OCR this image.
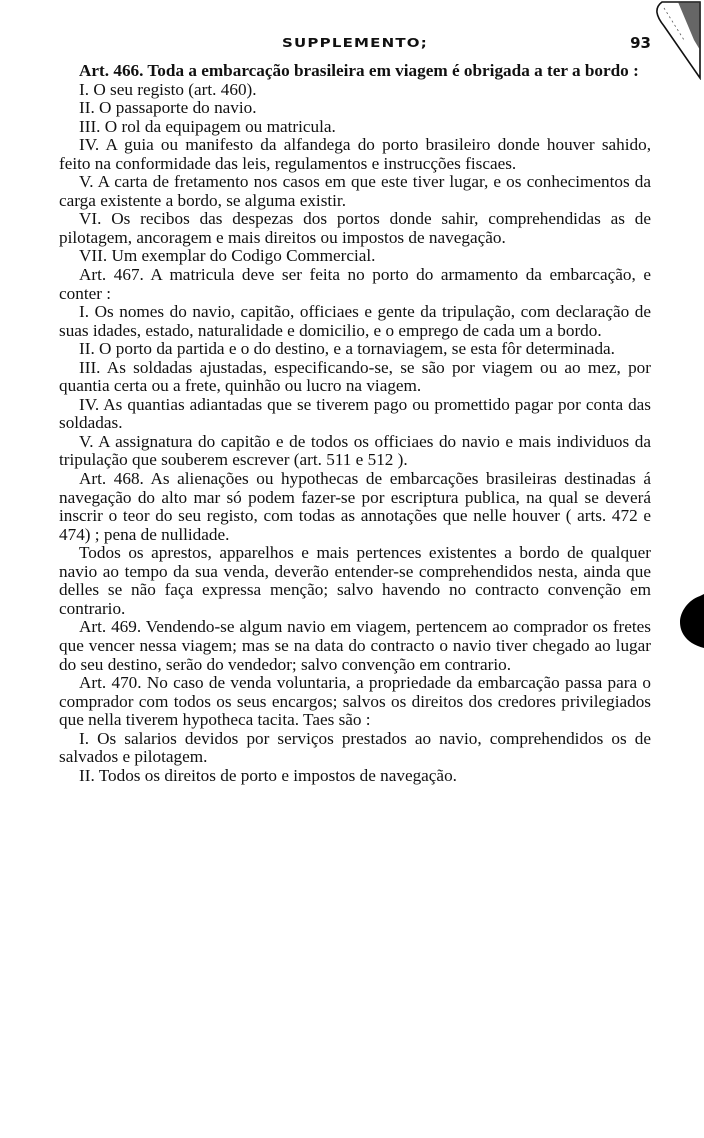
SUPPLEMENTO;	93

Art. 466. Toda a embarcação brasileira em viagem é obrigada a ter a bordo :

I. O seu registo (art. 460).

II. O passaporte do navio.

III. O rol da equipagem ou matricula.

IV. A guia ou manifesto da alfandega do porto brasileiro donde houver sahido, feito na conformidade das leis, regulamentos e instrucções fiscaes.

V. A carta de fretamento nos casos em que este tiver lugar, e os conhecimentos da carga existente a bordo, se alguma existir.

VI. Os recibos das despezas dos portos donde sahir, comprehendidas as de pilotagem, ancoragem e mais direitos ou impostos de navegação.

VII. Um exemplar do Codigo Commercial.

Art. 467. A matricula deve ser feita no porto do armamento da embarcação, e conter :

I. Os nomes do navio, capitão, officiaes e gente da tripulação, com declaração de suas idades, estado, naturalidade e domicilio, e o emprego de cada um a bordo.

II. O porto da partida e o do destino, e a tornaviagem, se esta fôr determinada.

III. As soldadas ajustadas, especificando-se, se são por viagem ou ao mez, por quantia certa ou a frete, quinhão ou lucro na viagem.

IV. As quantias adiantadas que se tiverem pago ou promettido pagar por conta das soldadas.

V. A assignatura do capitão e de todos os officiaes do navio e mais individuos da tripulação que souberem escrever (art. 511 e 512 ).

Art. 468. As alienações ou hypothecas de embarcações brasileiras destinadas á navegação do alto mar só podem fazer-se por escriptura publica, na qual se deverá inscrir o teor do seu registo, com todas as annotações que nelle houver ( arts. 472 e 474) ; pena de nullidade.

Todos os aprestos, apparelhos e mais pertences existentes a bordo de qualquer navio ao tempo da sua venda, deverão entender-se comprehendidos nesta, ainda que delles se não faça expressa menção; salvo havendo no contracto convenção em contrario.

Art. 469. Vendendo-se algum navio em viagem, pertencem ao comprador os fretes que vencer nessa viagem; mas se na data do contracto o navio tiver chegado ao lugar do seu destino, serão do vendedor; salvo convenção em contrario.

Art. 470. No caso de venda voluntaria, a propriedade da embarcação passa para o comprador com todos os seus encargos; salvos os direitos dos credores privilegiados que nella tiverem hypotheca tacita. Taes são :

I. Os salarios devidos por serviços prestados ao navio, comprehendidos os de salvados e pilotagem.

II. Todos os direitos de porto e impostos de navegação.
